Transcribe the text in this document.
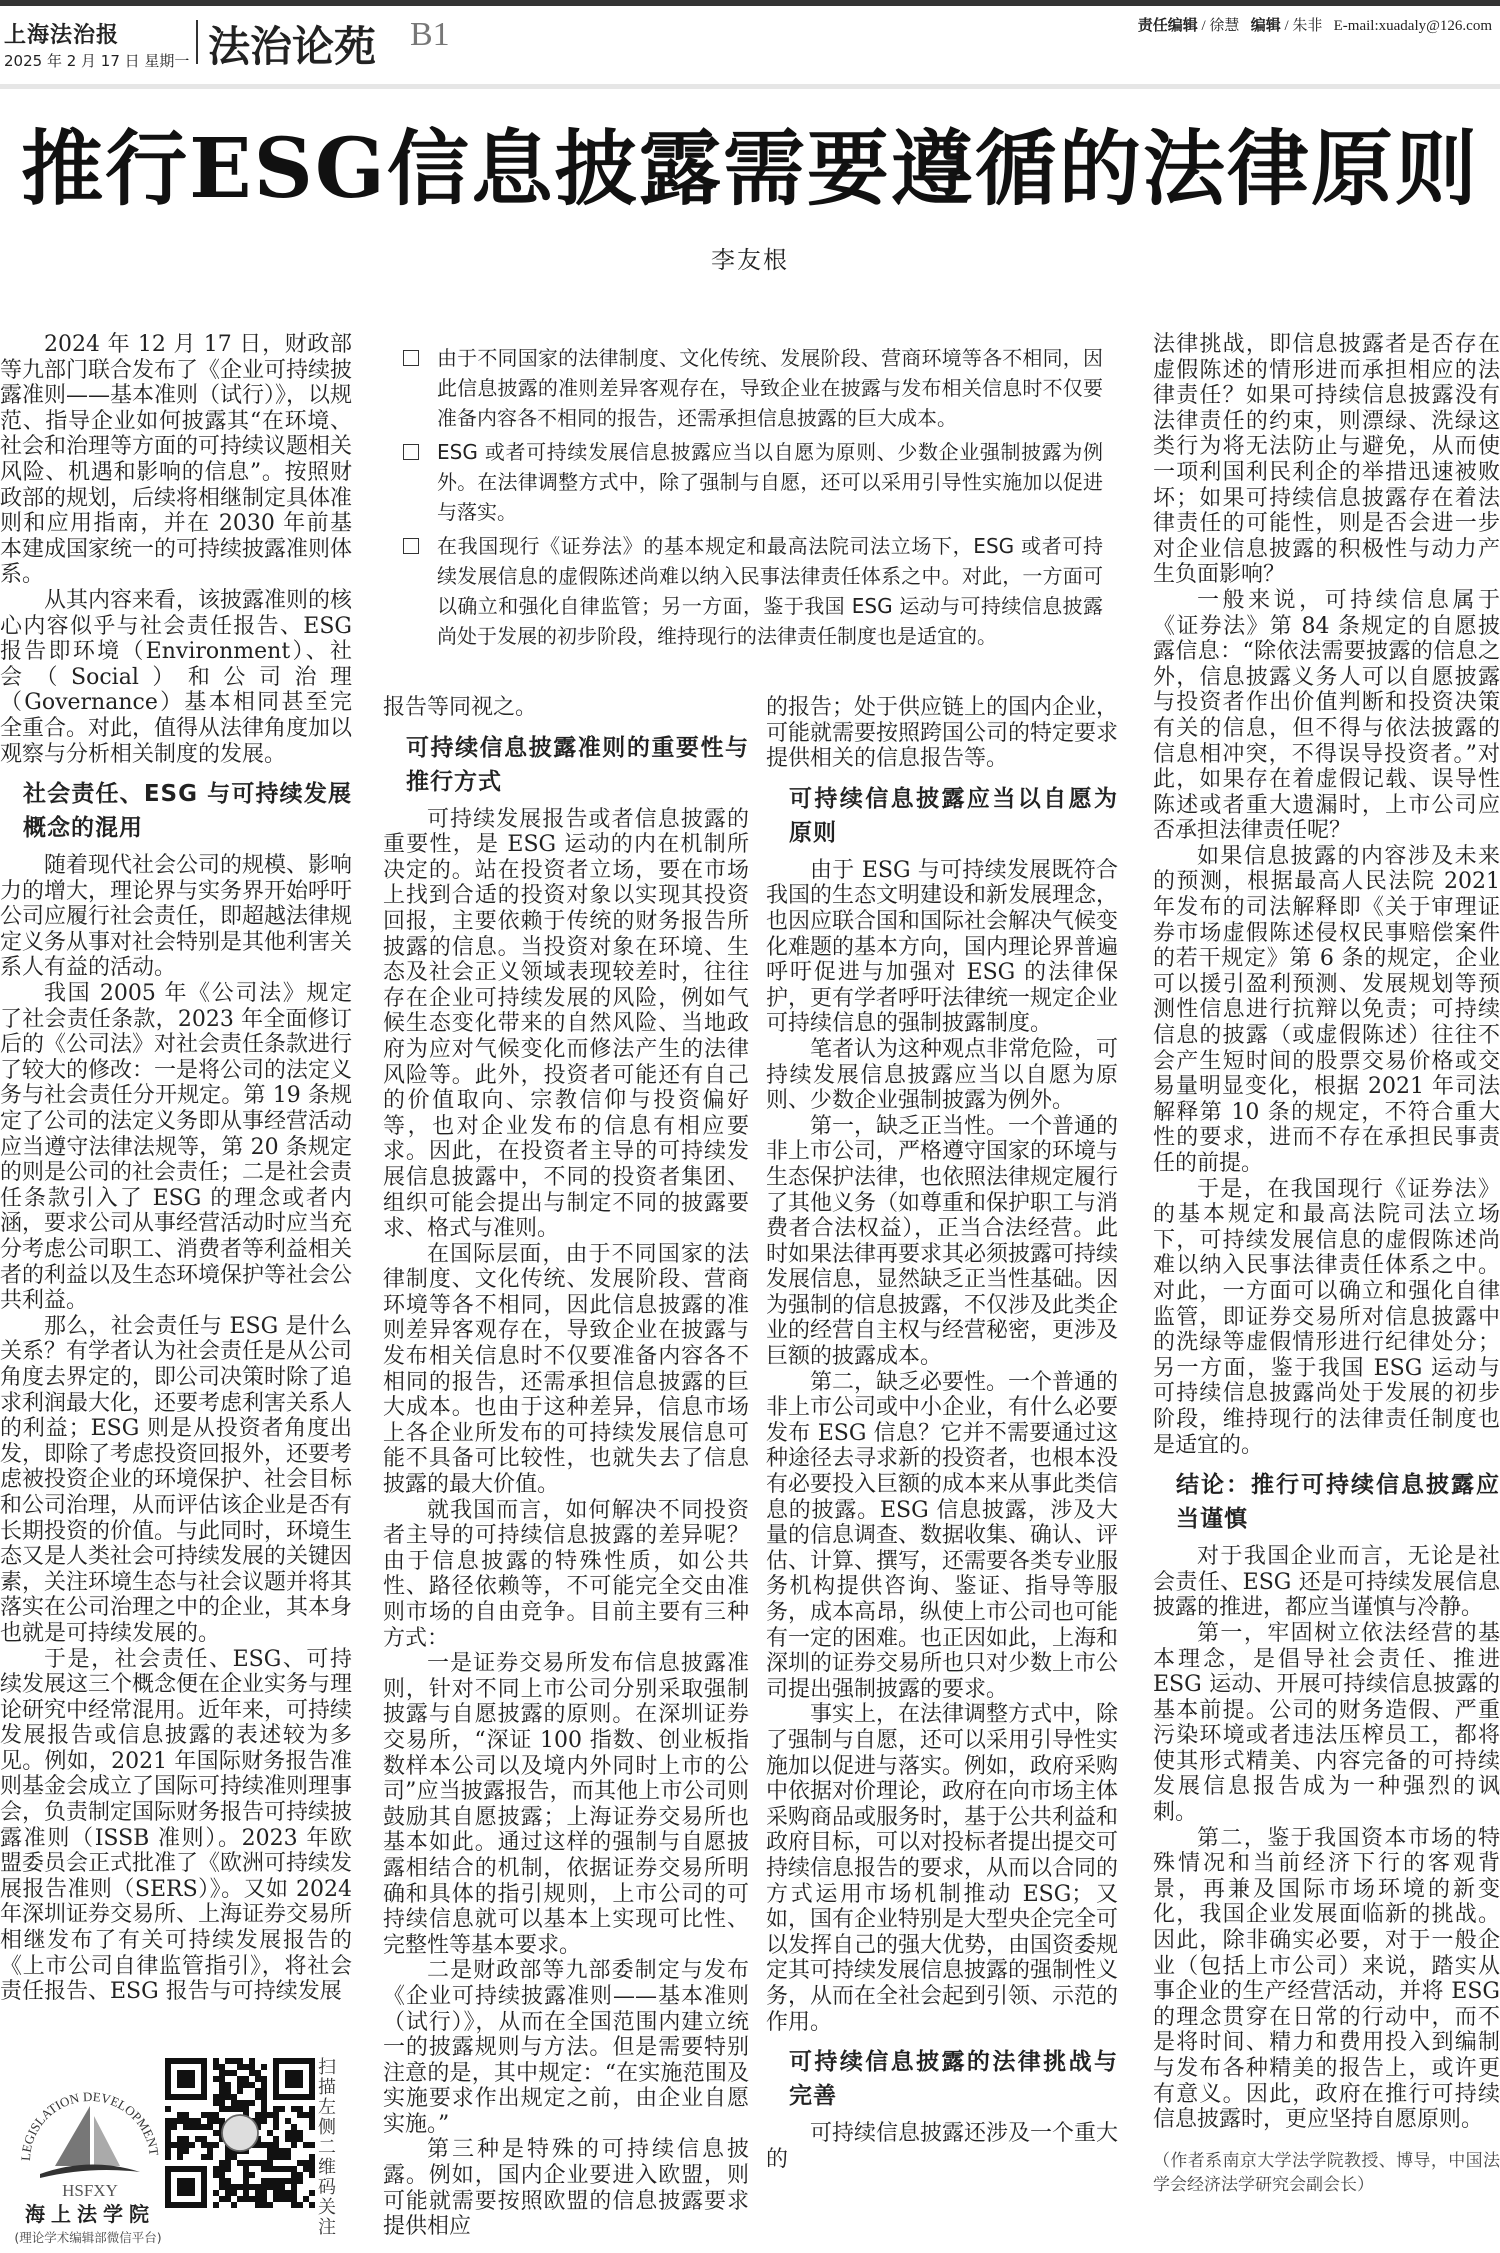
上海法治报
2025 年 2 月 17 日 星期一 法治论苑 B1	责任编辑 / 徐慧 编辑 / 朱非 E-mail:xuadaly@126.com
推行ESG信息披露需要遵循的法律原则
李友根
由于不同国家的法律制度、文化传统、发展阶段、营商环境等各不相同，因此信息披露的准则差异客观存在，导致企业在披露与发布相关信息时不仅要准备内容各不相同的报告，还需承担信息披露的巨大成本。
ESG 或者可持续发展信息披露应当以自愿为原则、少数企业强制披露为例外。在法律调整方式中，除了强制与自愿，还可以采用引导性实施加以促进与落实。
在我国现行《证券法》的基本规定和最高法院司法立场下，ESG 或者可持续发展信息的虚假陈述尚难以纳入民事法律责任体系之中。对此，一方面可以确立和强化自律监管；另一方面，鉴于我国 ESG 运动与可持续信息披露尚处于发展的初步阶段，维持现行的法律责任制度也是适宜的。

2024 年 12 月 17 日，财政部等九部门联合发布了《企业可持续披露准则——基本准则（试行）》，以规范、指导企业如何披露其“在环境、社会和治理等方面的可持续议题相关风险、机遇和影响的信息”。按照财政部的规划，后续将相继制定具体准则和应用指南，并在 2030 年前基本建成国家统一的可持续披露准则体系。

从其内容来看，该披露准则的核心内容似乎与社会责任报告、ESG 报告即环境（Environment）、社会（Social）和公司治理（Governance）基本相同甚至完全重合。对此，值得从法律角度加以观察与分析相关制度的发展。

社会责任、ESG 与可持续发展概念的混用

随着现代社会公司的规模、影响力的增大，理论界与实务界开始呼吁公司应履行社会责任，即超越法律规定义务从事对社会特别是其他利害关系人有益的活动。

我国 2005 年《公司法》规定了社会责任条款，2023 年全面修订后的《公司法》对社会责任条款进行了较大的修改：一是将公司的法定义务与社会责任分开规定。第 19 条规定了公司的法定义务即从事经营活动应当遵守法律法规等，第 20 条规定的则是公司的社会责任；二是社会责任条款引入了 ESG 的理念或者内涵，要求公司从事经营活动时应当充分考虑公司职工、消费者等利益相关者的利益以及生态环境保护等社会公共利益。

那么，社会责任与 ESG 是什么关系？有学者认为社会责任是从公司角度去界定的，即公司决策时除了追求利润最大化，还要考虑利害关系人的利益；ESG 则是从投资者角度出发，即除了考虑投资回报外，还要考虑被投资企业的环境保护、社会目标和公司治理，从而评估该企业是否有长期投资的价值。与此同时，环境生态又是人类社会可持续发展的关键因素，关注环境生态与社会议题并将其落实在公司治理之中的企业，其本身也就是可持续发展的。

于是，社会责任、ESG、可持续发展这三个概念便在企业实务与理论研究中经常混用。近年来，可持续发展报告或信息披露的表述较为多见。例如，2021 年国际财务报告准则基金会成立了国际可持续准则理事会，负责制定国际财务报告可持续披露准则（ISSB 准则）。2023 年欧盟委员会正式批准了《欧洲可持续发展报告准则（SERS）》。又如 2024 年深圳证券交易所、上海证券交易所相继发布了有关可持续发展报告的《上市公司自律监管指引》，将社会责任报告、ESG 报告与可持续发展

报告等同视之。

可持续信息披露准则的重要性与推行方式

可持续发展报告或者信息披露的重要性，是 ESG 运动的内在机制所决定的。站在投资者立场，要在市场上找到合适的投资对象以实现其投资回报，主要依赖于传统的财务报告所披露的信息。当投资对象在环境、生态及社会正义领域表现较差时，往往存在企业可持续发展的风险，例如气候生态变化带来的自然风险、当地政府为应对气候变化而修法产生的法律风险等。此外，投资者可能还有自己的价值取向、宗教信仰与投资偏好等，也对企业发布的信息有相应要求。因此，在投资者主导的可持续发展信息披露中，不同的投资者集团、组织可能会提出与制定不同的披露要求、格式与准则。

在国际层面，由于不同国家的法律制度、文化传统、发展阶段、营商环境等各不相同，因此信息披露的准则差异客观存在，导致企业在披露与发布相关信息时不仅要准备内容各不相同的报告，还需承担信息披露的巨大成本。也由于这种差异，信息市场上各企业所发布的可持续发展信息可能不具备可比较性，也就失去了信息披露的最大价值。

就我国而言，如何解决不同投资者主导的可持续信息披露的差异呢？由于信息披露的特殊性质，如公共性、路径依赖等，不可能完全交由准则市场的自由竞争。目前主要有三种方式：

一是证券交易所发布信息披露准则，针对不同上市公司分别采取强制披露与自愿披露的原则。在深圳证券交易所，“深证 100 指数、创业板指数样本公司以及境内外同时上市的公司”应当披露报告，而其他上市公司则鼓励其自愿披露；上海证券交易所也基本如此。通过这样的强制与自愿披露相结合的机制，依据证券交易所明确和具体的指引规则，上市公司的可持续信息就可以基本上实现可比性、完整性等基本要求。

二是财政部等九部委制定与发布《企业可持续披露准则——基本准则（试行）》，从而在全国范围内建立统一的披露规则与方法。但是需要特别注意的是，其中规定：“在实施范围及实施要求作出规定之前，由企业自愿实施。”

第三种是特殊的可持续信息披露。例如，国内企业要进入欧盟，则可能就需要按照欧盟的信息披露要求提供相应

的报告；处于供应链上的国内企业，可能就需要按照跨国公司的特定要求提供相关的信息报告等。

可持续信息披露应当以自愿为原则

由于 ESG 与可持续发展既符合我国的生态文明建设和新发展理念，也因应联合国和国际社会解决气候变化难题的基本方向，国内理论界普遍呼吁促进与加强对 ESG 的法律保护，更有学者呼吁法律统一规定企业可持续信息的强制披露制度。

笔者认为这种观点非常危险，可持续发展信息披露应当以自愿为原则、少数企业强制披露为例外。

第一，缺乏正当性。一个普通的非上市公司，严格遵守国家的环境与生态保护法律，也依照法律规定履行了其他义务（如尊重和保护职工与消费者合法权益），正当合法经营。此时如果法律再要求其必须披露可持续发展信息，显然缺乏正当性基础。因为强制的信息披露，不仅涉及此类企业的经营自主权与经营秘密，更涉及巨额的披露成本。

第二，缺乏必要性。一个普通的非上市公司或中小企业，有什么必要发布 ESG 信息？它并不需要通过这种途径去寻求新的投资者，也根本没有必要投入巨额的成本来从事此类信息的披露。ESG 信息披露，涉及大量的信息调查、数据收集、确认、评估、计算、撰写，还需要各类专业服务机构提供咨询、鉴证、指导等服务，成本高昂，纵使上市公司也可能有一定的困难。也正因如此，上海和深圳的证券交易所也只对少数上市公司提出强制披露的要求。

事实上，在法律调整方式中，除了强制与自愿，还可以采用引导性实施加以促进与落实。例如，政府采购中依据对价理论，政府在向市场主体采购商品或服务时，基于公共利益和政府目标，可以对投标者提出提交可持续信息报告的要求，从而以合同的方式运用市场机制推动 ESG；又如，国有企业特别是大型央企完全可以发挥自己的强大优势，由国资委规定其可持续发展信息披露的强制性义务，从而在全社会起到引领、示范的作用。

可持续信息披露的法律挑战与完善

可持续信息披露还涉及一个重大的

法律挑战，即信息披露者是否存在虚假陈述的情形进而承担相应的法律责任？如果可持续信息披露没有法律责任的约束，则漂绿、洗绿这类行为将无法防止与避免，从而使一项利国利民利企的举措迅速被败坏；如果可持续信息披露存在着法律责任的可能性，则是否会进一步对企业信息披露的积极性与动力产生负面影响？

一般来说，可持续信息属于《证券法》第 84 条规定的自愿披露信息：“除依法需要披露的信息之外，信息披露义务人可以自愿披露与投资者作出价值判断和投资决策有关的信息，但不得与依法披露的信息相冲突，不得误导投资者。”对此，如果存在着虚假记载、误导性陈述或者重大遗漏时，上市公司应否承担法律责任呢？

如果信息披露的内容涉及未来的预测，根据最高人民法院 2021 年发布的司法解释即《关于审理证券市场虚假陈述侵权民事赔偿案件的若干规定》第 6 条的规定，企业可以援引盈利预测、发展规划等预测性信息进行抗辩以免责；可持续信息的披露（或虚假陈述）往往不会产生短时间的股票交易价格或交易量明显变化，根据 2021 年司法解释第 10 条的规定，不符合重大性的要求，进而不存在承担民事责任的前提。

于是，在我国现行《证券法》的基本规定和最高法院司法立场下，可持续发展信息的虚假陈述尚难以纳入民事法律责任体系之中。对此，一方面可以确立和强化自律监管，即证券交易所对信息披露中的洗绿等虚假情形进行纪律处分；另一方面，鉴于我国 ESG 运动与可持续信息披露尚处于发展的初步阶段，维持现行的法律责任制度也是适宜的。

结论：推行可持续信息披露应当谨慎

对于我国企业而言，无论是社会责任、ESG 还是可持续发展信息披露的推进，都应当谨慎与冷静。

第一，牢固树立依法经营的基本理念，是倡导社会责任、推进 ESG 运动、开展可持续信息披露的基本前提。公司的财务造假、严重污染环境或者违法压榨员工，都将使其形式精美、内容完备的可持续发展信息报告成为一种强烈的讽刺。

第二，鉴于我国资本市场的特殊情况和当前经济下行的客观背景，再兼及国际市场环境的新变化，我国企业发展面临新的挑战。因此，除非确实必要，对于一般企业（包括上市公司）来说，踏实从事企业的生产经营活动，并将 ESG 的理念贯穿在日常的行动中，而不是将时间、精力和费用投入到编制与发布各种精美的报告上，或许更有意义。因此，政府在推行可持续信息披露时，更应坚持自愿原则。

（作者系南京大学法学院教授、博导，中国法学会经济法学研究会副会长）

LEGISLATION DEVELOPMENT
HSFXY
海上法学院
(理论学术编辑部微信平台)
扫描左侧二维码关注
